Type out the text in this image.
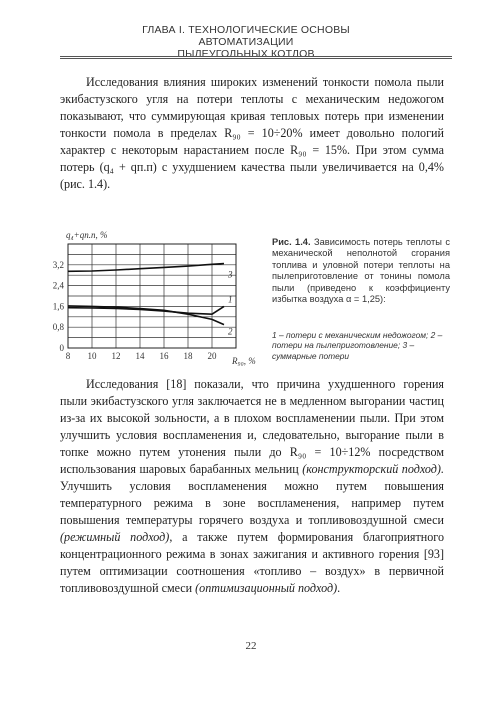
ГЛАВА I. ТЕХНОЛОГИЧЕСКИЕ ОСНОВЫ АВТОМАТИЗАЦИИ
ПЫЛЕУГОЛЬНЫХ КОТЛОВ

Исследования влияния широких изменений тонкости помола пыли экибастузского угля на потери теплоты с механическим недожогом показывают, что суммирующая кривая тепловых потерь при изменении тонкости помола в пределах R₉₀ = 10÷20% имеет довольно пологий характер с некоторым нарастанием после R₉₀ = 15%. При этом сумма потерь (q₄ + qп.п) с ухудшением качества пыли увеличивается на 0,4% (рис. 1.4).

8 10 12 14 16 18 20
0
0,8
1,6
2,4
3,2
1
2
3
q₄+qп.п, %
R₉₀, %
Рис. 1.4. Зависимость потерь теплоты с механической неполнотой сгорания топлива и уловной потери теплоты на пылеприготовление от тонины помола пыли (приведено к коэффициенту избытка воздуха α = 1,25):
1 – потери с механическим недожогом; 2 – потери на пылеприготовление; 3 – суммарные потери

Исследования [18] показали, что причина ухудшенного горения пыли экибастузского угля заключается не в медленном выгорании частиц из-за их высокой зольности, а в плохом воспламенении пыли. При этом улучшить условия воспламенения и, следовательно, выгорание пыли в топке можно путем утонения пыли до R₉₀ = 10÷12% посредством использования шаровых барабанных мельниц (конструкторский подход). Улучшить условия воспламенения можно путем повышения температурного режима в зоне воспламенения, например путем повышения температуры горячего воздуха и топливовоздушной смеси (режимный подход), а также путем формирования благоприятного концентрационного режима в зонах зажигания и активного горения [93] путем оптимизации соотношения «топливо – воздух» в первичной топливовоздушной смеси (оптимизационный подход).

22
